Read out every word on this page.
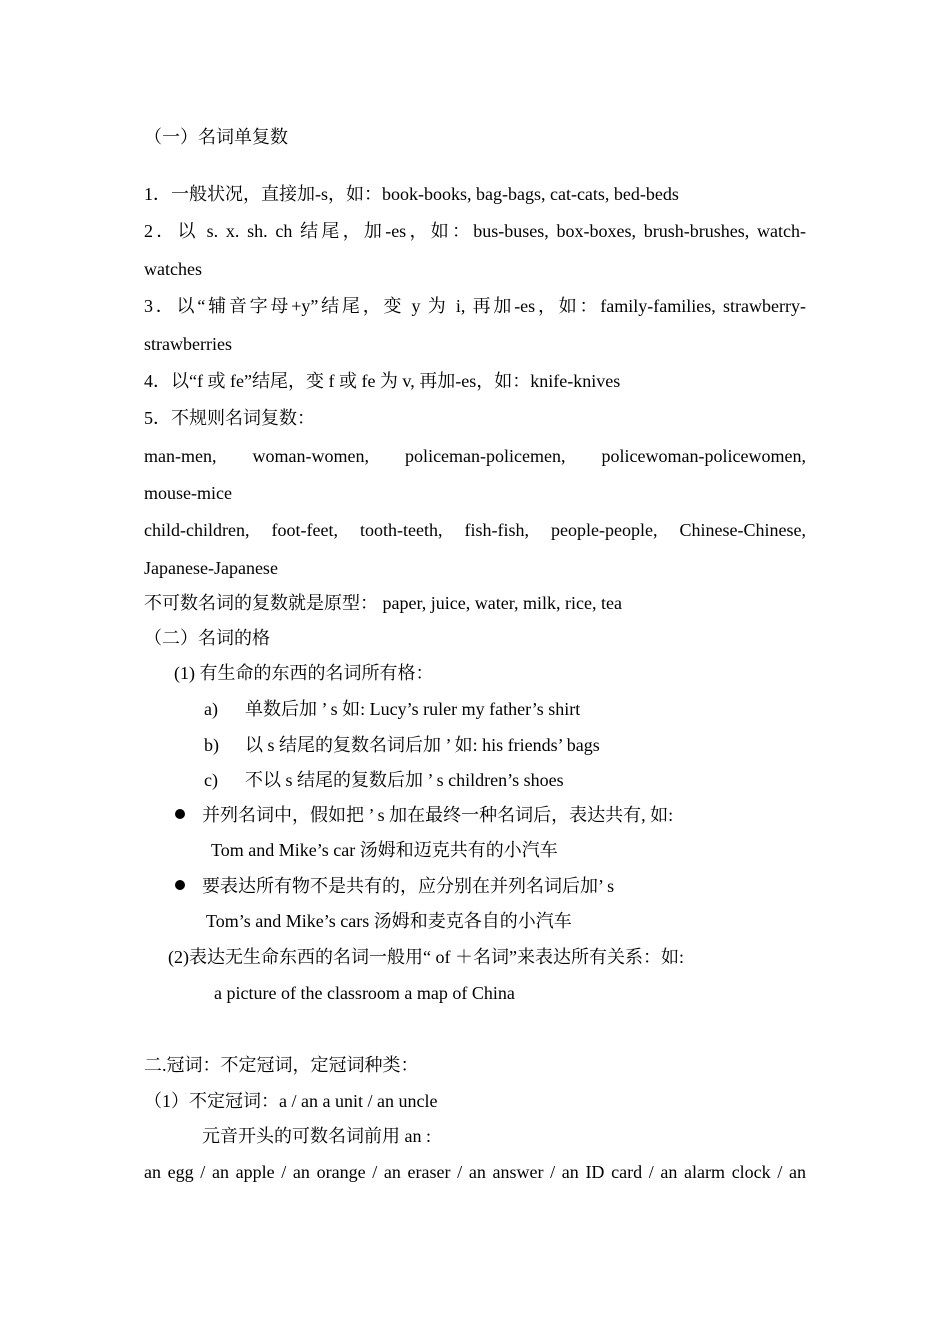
（一）名词单复数
1．一般状况，直接加-s，如：book-books, bag-bags, cat-cats, bed-beds
2．以 s. x. sh. ch 结尾，加-es，如：bus-buses, box-boxes, brush-brushes, watch-
watches
3．以“辅音字母+y”结尾，变 y 为 i, 再加-es，如：family-families, strawberry-
strawberries
4．以“f 或 fe”结尾，变 f 或 fe 为 v, 再加-es，如：knife-knives
5．不规则名词复数：
man-men, woman-women, policeman-policemen, policewoman-policewomen,
mouse-mice
child-children, foot-feet, tooth-teeth, fish-fish, people-people, Chinese-Chinese,
Japanese-Japanese
不可数名词的复数就是原型： paper, juice, water, milk, rice, tea
（二）名词的格
(1) 有生命的东西的名词所有格：
a)	单数后加 ’ s 如: Lucy’s ruler my father’s shirt
b)	以 s 结尾的复数名词后加 ’ 如: his friends’ bags
c)	不以 s 结尾的复数后加 ’ s children’s shoes
并列名词中，假如把 ’ s 加在最终一种名词后，表达共有, 如:
Tom and Mike’s car 汤姆和迈克共有的小汽车
要表达所有物不是共有的，应分别在并列名词后加’ s
Tom’s and Mike’s cars 汤姆和麦克各自的小汽车
(2)表达无生命东西的名词一般用“ of ＋名词”来表达所有关系：如:
a picture of the classroom a map of China
二.冠词：不定冠词，定冠词种类：
（1）不定冠词：a / an a unit / an uncle
元音开头的可数名词前用 an :
an egg / an apple / an orange / an eraser / an answer / an ID card / an alarm clock / an
